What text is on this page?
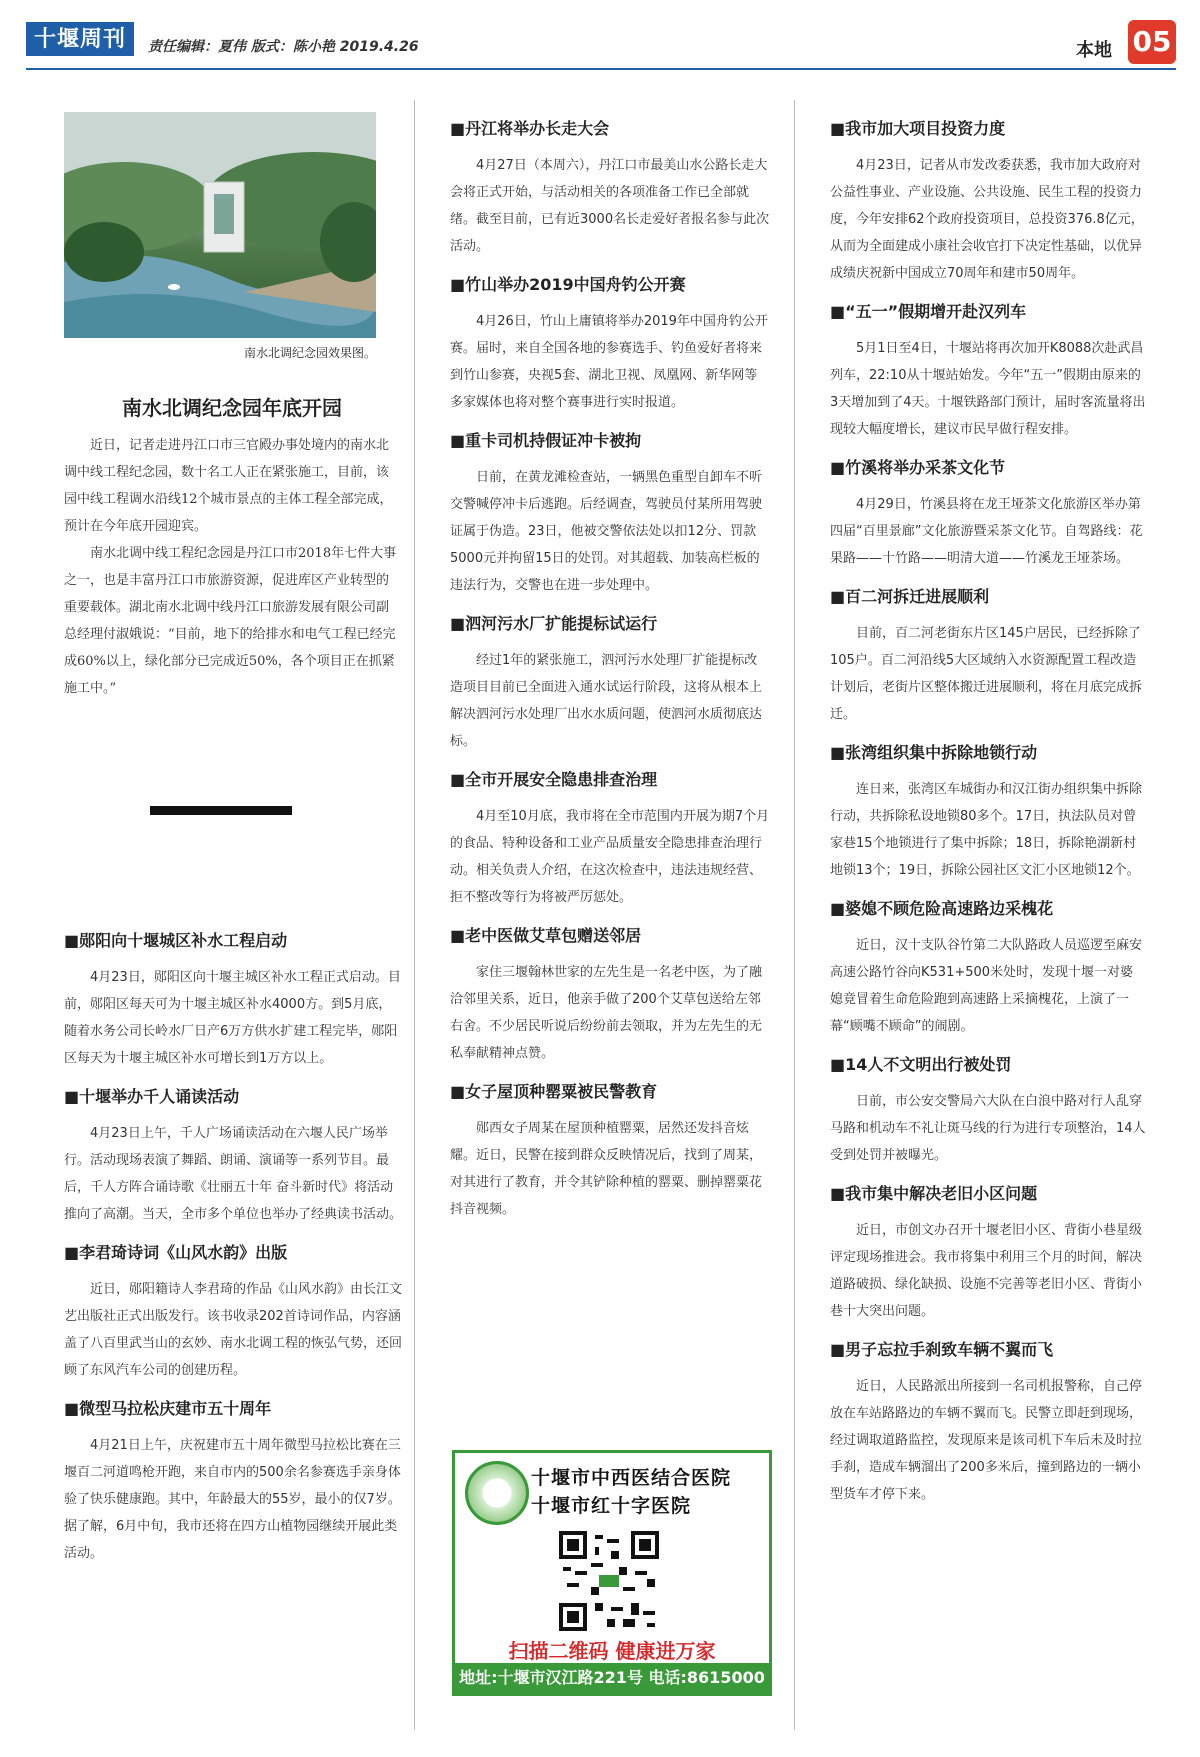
十堰周刊	责任编辑：夏伟 版式：陈小艳 2019.4.26	本地 05
南水北调纪念园效果图。
南水北调纪念园年底开园

近日，记者走进丹江口市三官殿办事处境内的南水北调中线工程纪念园，数十名工人正在紧张施工，目前，该园中线工程调水沿线12个城市景点的主体工程全部完成，预计在今年底开园迎宾。

南水北调中线工程纪念园是丹江口市2018年七件大事之一，也是丰富丹江口市旅游资源，促进库区产业转型的重要载体。湖北南水北调中线丹江口旅游发展有限公司副总经理付淑娥说：“目前，地下的给排水和电气工程已经完成60%以上，绿化部分已完成近50%，各个项目正在抓紧施工中。”

■郧阳向十堰城区补水工程启动

4月23日，郧阳区向十堰主城区补水工程正式启动。目前，郧阳区每天可为十堰主城区补水4000方。到5月底，随着水务公司长岭水厂日产6万方供水扩建工程完毕，郧阳区每天为十堰主城区补水可增长到1万方以上。

■十堰举办千人诵读活动

4月23日上午，千人广场诵读活动在六堰人民广场举行。活动现场表演了舞蹈、朗诵、演诵等一系列节目。最后，千人方阵合诵诗歌《壮丽五十年 奋斗新时代》将活动推向了高潮。当天，全市多个单位也举办了经典读书活动。

■李君琦诗词《山风水韵》出版

近日，郧阳籍诗人李君琦的作品《山风水韵》由长江文艺出版社正式出版发行。该书收录202首诗词作品，内容涵盖了八百里武当山的玄妙、南水北调工程的恢弘气势，还回顾了东风汽车公司的创建历程。

■微型马拉松庆建市五十周年

4月21日上午，庆祝建市五十周年微型马拉松比赛在三堰百二河道鸣枪开跑，来自市内的500余名参赛选手亲身体验了快乐健康跑。其中，年龄最大的55岁，最小的仅7岁。据了解，6月中旬，我市还将在四方山植物园继续开展此类活动。

■丹江将举办长走大会

4月27日（本周六），丹江口市最美山水公路长走大会将正式开始，与活动相关的各项准备工作已全部就绪。截至目前，已有近3000名长走爱好者报名参与此次活动。

■竹山举办2019中国舟钓公开赛

4月26日，竹山上庸镇将举办2019年中国舟钓公开赛。届时，来自全国各地的参赛选手、钓鱼爱好者将来到竹山参赛，央视5套、湖北卫视、凤凰网、新华网等多家媒体也将对整个赛事进行实时报道。

■重卡司机持假证冲卡被拘

日前，在黄龙滩检查站，一辆黑色重型自卸车不听交警喊停冲卡后逃跑。后经调查，驾驶员付某所用驾驶证属于伪造。23日，他被交警依法处以扣12分、罚款5000元并拘留15日的处罚。对其超载、加装高栏板的违法行为，交警也在进一步处理中。

■泗河污水厂扩能提标试运行

经过1年的紧张施工，泗河污水处理厂扩能提标改造项目目前已全面进入通水试运行阶段，这将从根本上解决泗河污水处理厂出水水质问题，使泗河水质彻底达标。

■全市开展安全隐患排查治理

4月至10月底，我市将在全市范围内开展为期7个月的食品、特种设备和工业产品质量安全隐患排查治理行动。相关负责人介绍，在这次检查中，违法违规经营、拒不整改等行为将被严厉惩处。

■老中医做艾草包赠送邻居

家住三堰翰林世家的左先生是一名老中医，为了融洽邻里关系，近日，他亲手做了200个艾草包送给左邻右舍。不少居民听说后纷纷前去领取，并为左先生的无私奉献精神点赞。

■女子屋顶种罂粟被民警教育

郧西女子周某在屋顶种植罂粟，居然还发抖音炫耀。近日，民警在接到群众反映情况后，找到了周某，对其进行了教育，并令其铲除种植的罂粟、删掉罂粟花抖音视频。

■我市加大项目投资力度

4月23日，记者从市发改委获悉，我市加大政府对公益性事业、产业设施、公共设施、民生工程的投资力度，今年安排62个政府投资项目，总投资376.8亿元，从而为全面建成小康社会收官打下决定性基础，以优异成绩庆祝新中国成立70周年和建市50周年。

■“五一”假期增开赴汉列车

5月1日至4日，十堰站将再次加开K8088次赴武昌列车，22:10从十堰站始发。今年“五一”假期由原来的3天增加到了4天。十堰铁路部门预计，届时客流量将出现较大幅度增长，建议市民早做行程安排。

■竹溪将举办采茶文化节

4月29日，竹溪县将在龙王垭茶文化旅游区举办第四届“百里景廊”文化旅游暨采茶文化节。自驾路线：花果路——十竹路——明清大道——竹溪龙王垭茶场。

■百二河拆迁进展顺利

目前，百二河老街东片区145户居民，已经拆除了105户。百二河沿线5大区域纳入水资源配置工程改造计划后，老街片区整体搬迁进展顺利，将在月底完成拆迁。

■张湾组织集中拆除地锁行动

连日来，张湾区车城街办和汉江街办组织集中拆除行动，共拆除私设地锁80多个。17日，执法队员对曾家巷15个地锁进行了集中拆除；18日，拆除艳湖新村地锁13个；19日，拆除公园社区文汇小区地锁12个。

■婆媳不顾危险高速路边采槐花

近日，汉十支队谷竹第二大队路政人员巡逻至麻安高速公路竹谷向K531+500米处时，发现十堰一对婆媳竟冒着生命危险跑到高速路上采摘槐花，上演了一幕“顾嘴不顾命”的闹剧。

■14人不文明出行被处罚

日前，市公安交警局六大队在白浪中路对行人乱穿马路和机动车不礼让斑马线的行为进行专项整治，14人受到处罚并被曝光。

■我市集中解决老旧小区问题

近日，市创文办召开十堰老旧小区、背街小巷星级评定现场推进会。我市将集中利用三个月的时间，解决道路破损、绿化缺损、设施不完善等老旧小区、背街小巷十大突出问题。

■男子忘拉手刹致车辆不翼而飞

近日，人民路派出所接到一名司机报警称，自己停放在车站路路边的车辆不翼而飞。民警立即赶到现场，经过调取道路监控，发现原来是该司机下车后未及时拉手刹，造成车辆溜出了200多米后，撞到路边的一辆小型货车才停下来。

十堰市中西医结合医院
十堰市红十字医院
扫描二维码 健康进万家
地址:十堰市汉江路221号 电话:8615000
